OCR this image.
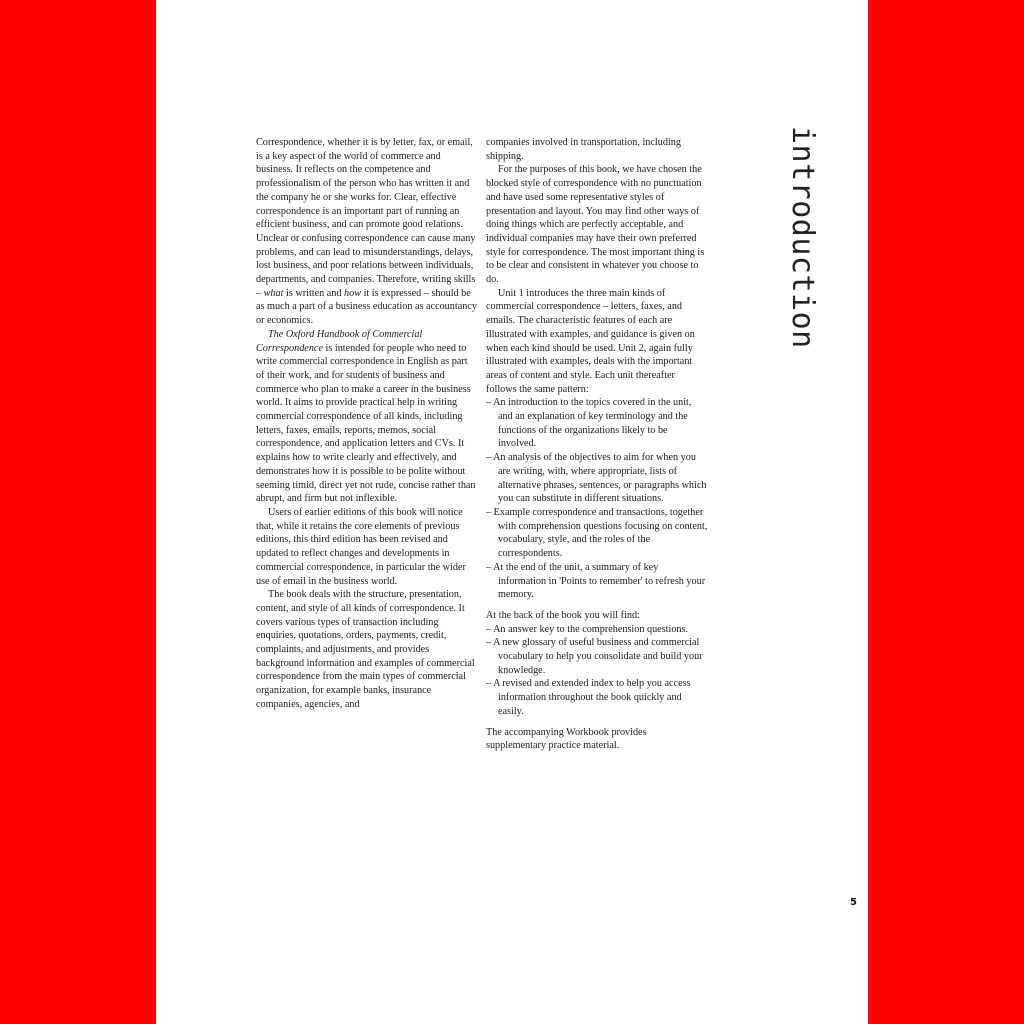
Correspondence, whether it is by letter, fax, or email, is a key aspect of the world of commerce and business. It reflects on the competence and professionalism of the person who has written it and the company he or she works for. Clear, effective correspondence is an important part of running an efficient business, and can promote good relations. Unclear or confusing correspondence can cause many problems, and can lead to misunderstandings, delays, lost business, and poor relations between individuals, departments, and companies. Therefore, writing skills – what is written and how it is expressed – should be as much a part of a business education as accountancy or economics.

The Oxford Handbook of Commercial Correspondence is intended for people who need to write commercial correspondence in English as part of their work, and for students of business and commerce who plan to make a career in the business world. It aims to provide practical help in writing commercial correspondence of all kinds, including letters, faxes, emails, reports, memos, social correspondence, and application letters and CVs. It explains how to write clearly and effectively, and demonstrates how it is possible to be polite without seeming timid, direct yet not rude, concise rather than abrupt, and firm but not inflexible.

Users of earlier editions of this book will notice that, while it retains the core elements of previous editions, this third edition has been revised and updated to reflect changes and developments in commercial correspondence, in particular the wider use of email in the business world.

The book deals with the structure, presentation, content, and style of all kinds of correspondence. It covers various types of transaction including enquiries, quotations, orders, payments, credit, complaints, and adjustments, and provides background information and examples of commercial correspondence from the main types of commercial organization, for example banks, insurance companies, agencies, and

companies involved in transportation, including shipping.

For the purposes of this book, we have chosen the blocked style of correspondence with no punctuation and have used some representative styles of presentation and layout. You may find other ways of doing things which are perfectly acceptable, and individual companies may have their own preferred style for correspondence. The most important thing is to be clear and consistent in whatever you choose to do.

Unit 1 introduces the three main kinds of commercial correspondence – letters, faxes, and emails. The characteristic features of each are illustrated with examples, and guidance is given on when each kind should be used. Unit 2, again fully illustrated with examples, deals with the important areas of content and style. Each unit thereafter follows the same pattern:

– An introduction to the topics covered in the unit, and an explanation of key terminology and the functions of the organizations likely to be involved.
– An analysis of the objectives to aim for when you are writing, with, where appropriate, lists of alternative phrases, sentences, or paragraphs which you can substitute in different situations.
– Example correspondence and transactions, together with comprehension questions focusing on content, vocabulary, style, and the roles of the correspondents.
– At the end of the unit, a summary of key information in 'Points to remember' to refresh your memory.

At the back of the book you will find:

– An answer key to the comprehension questions.
– A new glossary of useful business and commercial vocabulary to help you consolidate and build your knowledge.
– A revised and extended index to help you access information throughout the book quickly and easily.

The accompanying Workbook provides supplementary practice material.

introduction
5
